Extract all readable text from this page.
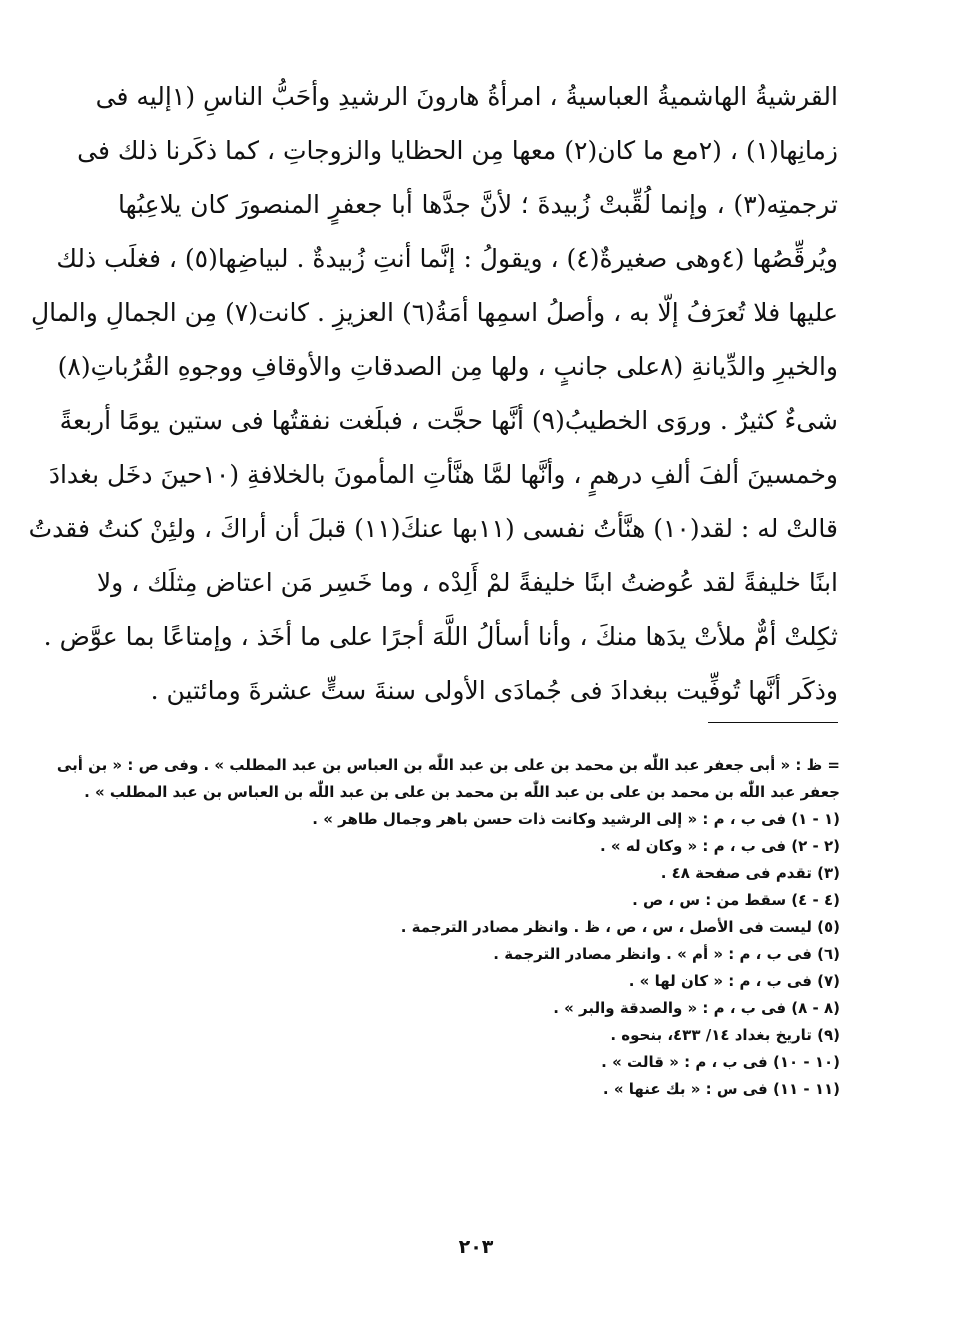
القرشيةُ الهاشميةُ العباسيةُ ، امرأةُ هارونَ الرشيدِ وأحَبُّ الناسِ (١إليه فى
زمانِها(١) ، (٢مع ما كان(٢) معها مِن الحظايا والزوجاتِ ، كما ذكَرنا ذلك فى
ترجمتِه(٣) ، وإنما لُقِّبتْ زُبيدةَ ؛ لأنَّ جدَّها أبا جعفرٍ المنصورَ كان يلاعِبُها
ويُرقِّصُها (٤وهى صغيرةٌ(٤) ، ويقولُ : إنَّما أنتِ زُبيدةٌ . لبياضِها(٥) ، فغلَب ذلك
عليها فلا تُعرَفُ إلّا به ، وأصلُ اسمِها أمَةُ(٦) العزيزِ . كانت(٧) مِن الجمالِ والمالِ
والخيرِ والدِّيانةِ (٨على جانبٍ ، ولها مِن الصدقاتِ والأوقافِ ووجوهِ القُرُباتِ(٨)
شىءٌ كثيرٌ . وروَى الخطيبُ(٩) أنَّها حجَّت ، فبلَغت نفقتُها فى ستين يومًا أربعةً
وخمسينَ ألفَ ألفِ درهمٍ ، وأنَّها لمَّا هنَّأتِ المأمونَ بالخلافةِ (١٠حينَ دخَل بغدادَ
قالتْ له : لقد(١٠) هنَّأتُ نفسى (١١بها عنكَ(١١) قبلَ أن أراكَ ، ولئِنْ كنتُ فقدتُ
ابنًا خليفةً لقد عُوضتُ ابنًا خليفةً لمْ أَلِدْه ، وما خَسِر مَن اعتاض مِثلَك ، ولا
ثكِلتْ أمٌّ ملأتْ يدَها منكَ ، وأنا أسألُ اللَّهَ أجرًا على ما أخَذ ، وإمتاعًا بما عوَّض .
وذكَر أنَّها تُوفِّيت ببغدادَ فى جُمادَى الأولى سنةَ ستٍّ عشرةَ ومائتين .
= ظ : « أبى جعفر عبد اللّٰه بن محمد بن على بن عبد اللّٰه بن العباس بن عبد المطلب » . وفى ص : « بن أبى
جعفر عبد اللّٰه بن محمد بن على بن عبد اللّٰه بن محمد بن على بن عبد اللّٰه بن العباس بن عبد المطلب » .
(١ - ١) فى ب ، م : « إلى الرشيد وكانت ذات حسن باهر وجمال طاهر » .
(٢ - ٢) فى ب ، م : « وكان له » .
(٣) تقدم فى صفحة ٤٨ .
(٤ - ٤) سقط من : س ، ص .
(٥) ليست فى الأصل ، س ، ص ، ظ . وانظر مصادر الترجمة .
(٦) فى ب ، م : « أم » . وانظر مصادر الترجمة .
(٧) فى ب ، م : « كان لها » .
(٨ - ٨) فى ب ، م : « والصدقة والبر » .
(٩) تاريخ بغداد ١٤/ ٤٣٣، بنحوه .
(١٠ - ١٠) فى ب ، م : « قالت » .
(١١ - ١١) فى س : « بك عنها » .
٢٠٣
